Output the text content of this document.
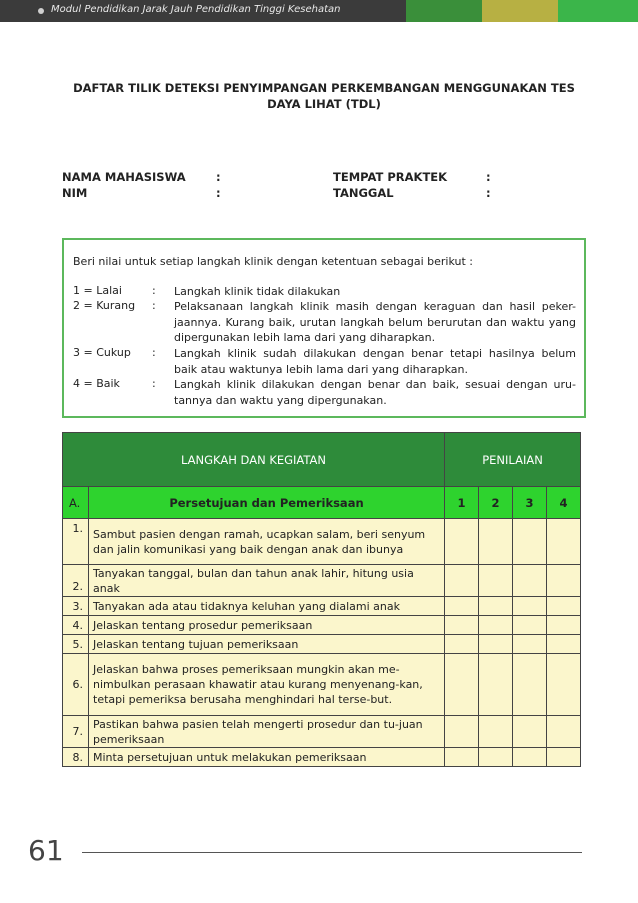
Modul Pendidikan Jarak Jauh Pendidikan Tinggi Kesehatan
DAFTAR TILIK DETEKSI PENYIMPANGAN PERKEMBANGAN MENGGUNAKAN TES
DAYA LIHAT (TDL)
NAMA MAHASISWA	:	TEMPAT PRAKTEK	:
NIM	:	TANGGAL	:
Beri nilai untuk setiap langkah klinik dengan ketentuan sebagai berikut :
1 = Lalai	: Langkah klinik tidak dilakukan
2 = Kurang : Pelaksanaan langkah klinik masih dengan keraguan dan hasil peker-jaannya. Kurang baik, urutan langkah belum berurutan dan waktu yang dipergunakan lebih lama dari yang diharapkan.
3 = Cukup : Langkah klinik sudah dilakukan dengan benar tetapi hasilnya belum baik atau waktunya lebih lama dari yang diharapkan.
4 = Baik	: Langkah klinik dilakukan dengan benar dan baik, sesuai dengan uru-tannya dan waktu yang dipergunakan.
LANGKAH DAN KEGIATAN		PENILAIAN			
A.	Persetujuan dan Pemeriksaan	1	2	3	4
1.	Sambut pasien dengan ramah, ucapkan salam, beri senyum dan jalin komunikasi yang baik dengan anak dan ibunya				
2.	Tanyakan tanggal, bulan dan tahun anak lahir, hitung usia anak				
3.	Tanyakan ada atau tidaknya keluhan yang dialami anak				
4.	Jelaskan tentang prosedur pemeriksaan				
5.	Jelaskan tentang tujuan pemeriksaan				
6.	Jelaskan bahwa proses pemeriksaan mungkin akan me-nimbulkan perasaan khawatir atau kurang menyenang-kan, tetapi pemeriksa berusaha menghindari hal terse-but.				
7.	Pastikan bahwa pasien telah mengerti prosedur dan tu-juan pemeriksaan				
8.	Minta persetujuan untuk melakukan pemeriksaan				
61
